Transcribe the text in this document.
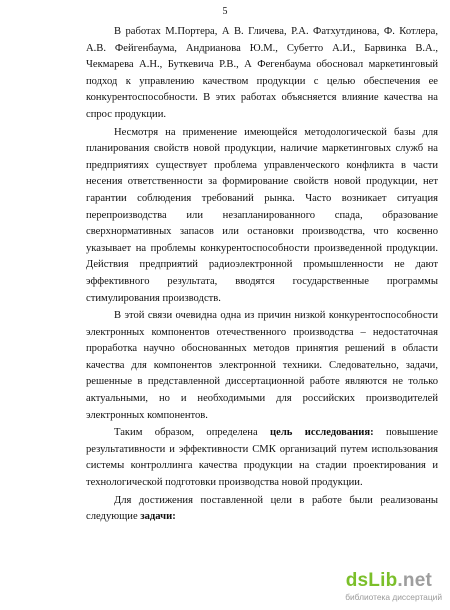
5

В работах М.Портера, А В. Гличева, Р.А. Фатхутдинова, Ф. Котлера,
А.В. Фейгенбаума, Андрианова Ю.М., Субетто А.И., Барвинка В.А.,
Чекмарева А.Н., Буткевича Р.В., А Фегенбаума обосновал маркетинговый
подход к управлению качеством продукции с целью обеспечения ее
конкурентоспособности. В этих работах объясняется влияние качества на
спрос продукции.

Несмотря на применение имеющейся методологической базы для
планирования свойств новой продукции, наличие маркетинговых служб на
предприятиях существует проблема управленческого конфликта в части
несения ответственности за формирование свойств новой продукции, нет
гарантии соблюдения требований рынка. Часто возникает ситуация
перепроизводства или незапланированного спада, образование
сверхнормативных запасов или остановки производства, что косвенно
указывает на проблемы конкурентоспособности произведенной продукции.
Действия предприятий радиоэлектронной промышленности не дают
эффективного результата, вводятся государственные программы
стимулирования производств.

В этой связи очевидна одна из причин низкой конкурентоспособности
электронных компонентов отечественного производства – недостаточная
проработка научно обоснованных методов принятия решений в области
качества для компонентов электронной техники. Следовательно, задачи,
решенные в представленной диссертационной работе являются не только
актуальными, но и необходимыми для российских производителей
электронных компонентов.

Таким образом, определена цель исследования: повышение
результативности и эффективности СМК организаций путем использования
системы контроллинга качества продукции на стадии проектирования и
технологической подготовки производства новой продукции.

Для достижения поставленной цели в работе были реализованы
следующие задачи:

dsLib.net
библиотека диссертаций
